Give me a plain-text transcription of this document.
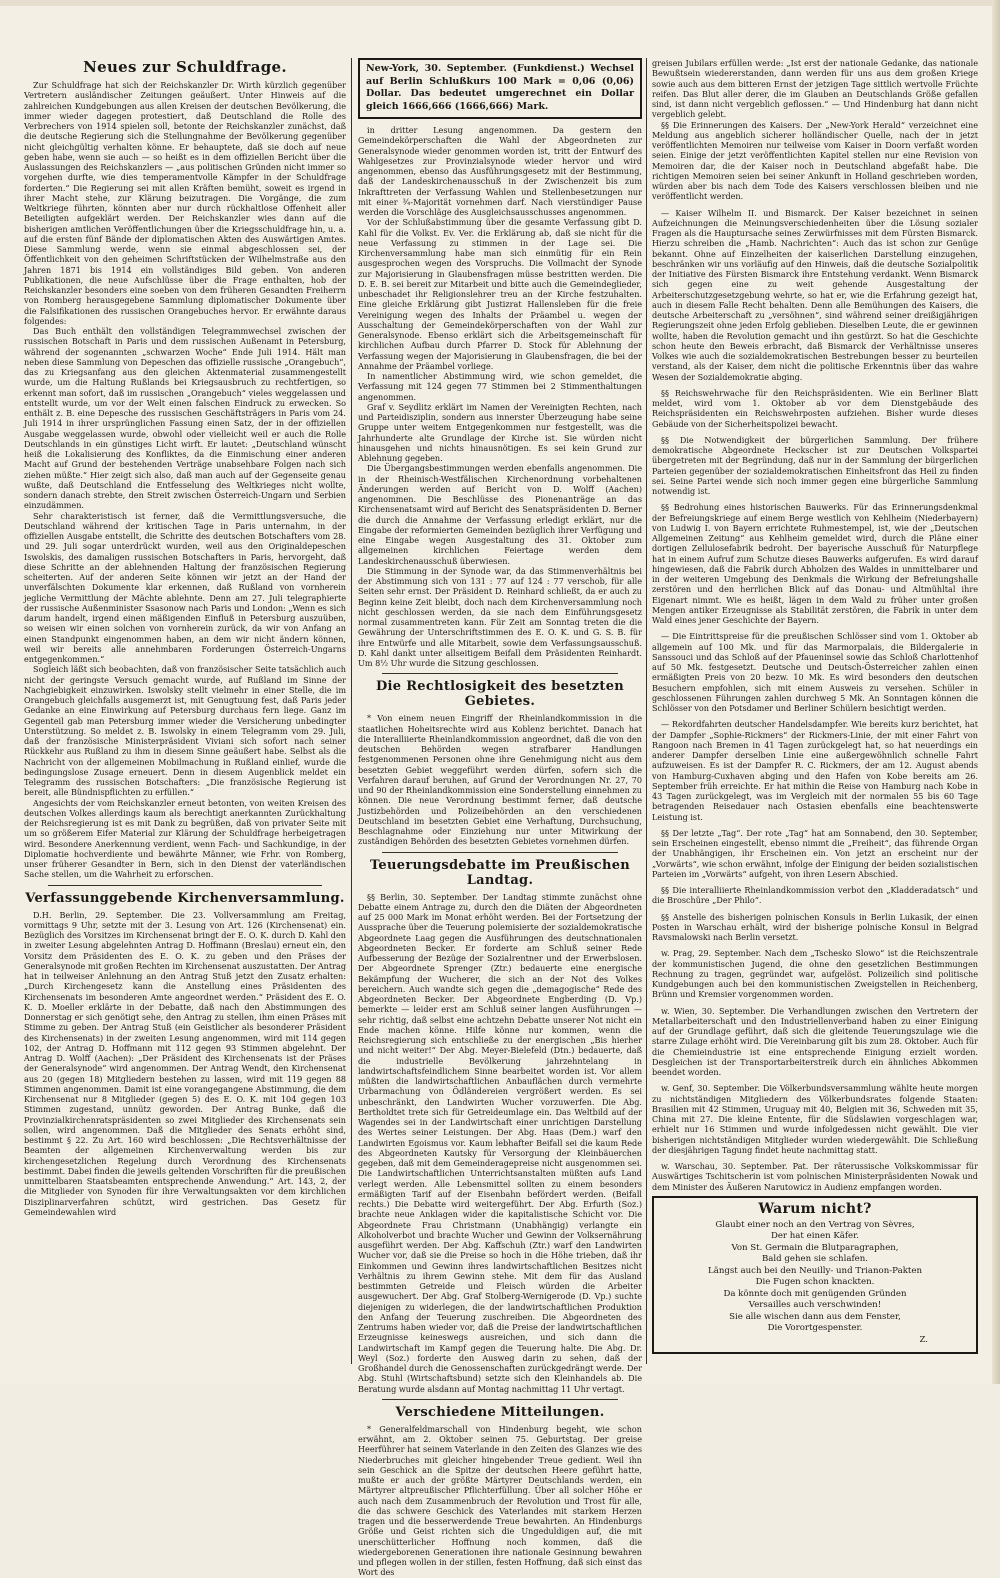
Neues zur Schuldfrage.

Zur Schuldfrage hat sich der Reichskanzler Dr. Wirth kürzlich gegenüber Vertretern ausländischer Zeitungen geäußert. Unter Hinweis auf die zahlreichen Kundgebungen aus allen Kreisen der deutschen Bevölkerung, die immer wieder dagegen protestiert, daß Deutschland die Rolle des Verbrechers von 1914 spielen soll, betonte der Reichskanzler zunächst, daß die deutsche Regierung sich die Stellungnahme der Bevölkerung gegenüber nicht gleichgültig verhalten könne. Er behauptete, daß sie doch auf neue geben habe, wenn sie auch — so heißt es in dem offiziellen Bericht über die Auslassungen des Reichskanzlers — „aus politischen Gründen nicht immer so vorgehen durfte, wie dies temperamentvolle Kämpfer in der Schuldfrage forderten.“ Die Regierung sei mit allen Kräften bemüht, soweit es irgend in ihrer Macht stehe, zur Klärung beizutragen. Die Vorgänge, die zum Weltkriege führten, könnten aber nur durch rückhaltlose Offenheit aller Beteiligten aufgeklärt werden. Der Reichskanzler wies dann auf die bisherigen amtlichen Veröffentlichungen über die Kriegsschuldfrage hin, u. a. auf die ersten fünf Bände der diplomatischen Akten des Auswärtigen Amtes. Diese Sammlung werde, wenn sie einmal abgeschlossen sei, der Öffentlichkeit von den geheimen Schriftstücken der Wilhelmstraße aus den Jahren 1871 bis 1914 ein vollständiges Bild geben. Von anderen Publikationen, die neue Aufschlüsse über die Frage enthalten, hob der Reichskanzler besonders eine soeben von dem früheren Gesandten Freiherrn von Romberg herausgegebene Sammlung diplomatischer Dokumente über die Falsifikationen des russischen Orangebuches hervor. Er erwähnte daraus folgendes:

Das Buch enthält den vollständigen Telegrammwechsel zwischen der russischen Botschaft in Paris und dem russischen Außenamt in Petersburg, während der sogenannten „schwarzen Woche“ Ende Juli 1914. Hält man neben diese Sammlung von Depeschen das offizielle russische „Orangebuch“, das zu Kriegsanfang aus den gleichen Aktenmaterial zusammengestellt wurde, um die Haltung Rußlands bei Kriegsausbruch zu rechtfertigen, so erkennt man sofort, daß im russischen „Orangebuch“ vieles weggelassen und entstellt wurde, um vor der Welt einen falschen Eindruck zu erwecken. So enthält z. B. eine Depesche des russischen Geschäftsträgers in Paris vom 24. Juli 1914 in ihrer ursprünglichen Fassung einen Satz, der in der offiziellen Ausgabe weggelassen wurde, obwohl oder vielleicht weil er auch die Rolle Deutschlands in ein günstiges Licht wirft. Er lautet: „Deutschland wünscht heiß die Lokalisierung des Konfliktes, da die Einmischung einer anderen Macht auf Grund der bestehenden Verträge unabsehbare Folgen nach sich ziehen müßte.“ Hier zeigt sich also, daß man auch auf der Gegenseite genau wußte, daß Deutschland die Entfesselung des Weltkrieges nicht wollte, sondern danach strebte, den Streit zwischen Österreich-Ungarn und Serbien einzudämmen.

Sehr charakteristisch ist ferner, daß die Vermittlungsversuche, die Deutschland während der kritischen Tage in Paris unternahm, in der offiziellen Ausgabe entstellt, die Schritte des deutschen Botschafters vom 28. und 29. Juli sogar unterdrückt wurden, weil aus den Originaldepeschen Iswolskis, des damaligen russischen Botschafters in Paris, hervorgeht, daß diese Schritte an der ablehnenden Haltung der französischen Regierung scheiterten. Auf der anderen Seite können wir jetzt an der Hand der unverfälschten Dokumente klar erkennen, daß Rußland von vornherein jegliche Vermittlung der Mächte ablehnte. Denn am 27. Juli telegraphierte der russische Außenminister Ssasonow nach Paris und London: „Wenn es sich darum handelt, irgend einen mäßigenden Einfluß in Petersburg auszuüben, so weisen wir einen solchen von vornherein zurück, da wir von Anfang an einen Standpunkt eingenommen haben, an dem wir nicht ändern können, weil wir bereits alle annehmbaren Forderungen Österreich-Ungarns entgegenkommen.“

Sogleich läßt sich beobachten, daß von französischer Seite tatsächlich auch nicht der geringste Versuch gemacht wurde, auf Rußland im Sinne der Nachgiebigkeit einzuwirken. Iswolsky stellt vielmehr in einer Stelle, die im Orangebuch gleichfalls ausgemerzt ist, mit Genugtuung fest, daß Paris jeder Gedanke an eine Einwirkung auf Petersburg durchaus fern liege. Ganz im Gegenteil gab man Petersburg immer wieder die Versicherung unbedingter Unterstützung. So meldet z. B. Iswolsky in einem Telegramm vom 29. Juli, daß der französische Ministerpräsident Viviani sich sofort nach seiner Rückkehr aus Rußland zu ihm in diesem Sinne geäußert habe. Selbst als die Nachricht von der allgemeinen Mobilmachung in Rußland einlief, wurde die bedingungslose Zusage erneuert. Denn in diesem Augenblick meldet ein Telegramm des russischen Botschafters: „Die französische Regierung ist bereit, alle Bündnispflichten zu erfüllen.“

Angesichts der vom Reichskanzler erneut betonten, von weiten Kreisen des deutschen Volkes allerdings kaum als berechtigt anerkannten Zurückhaltung der Reichsregierung ist es mit Dank zu begrüßen, daß von privater Seite mit um so größerem Eifer Material zur Klärung der Schuldfrage herbeigetragen wird. Besondere Anerkennung verdient, wenn Fach- und Sachkundige, in der Diplomatie hochverdiente und bewährte Männer, wie Frhr. von Romberg, unser früherer Gesandter in Bern, sich in den Dienst der vaterländischen Sache stellen, um die Wahrheit zu erforschen.

Verfassunggebende Kirchenversammlung.

D.H. Berlin, 29. September. Die 23. Vollversammlung am Freitag, vormittags 9 Uhr, setzte mit der 3. Lesung von Art. 126 (Kirchensenat) ein. Bezüglich des Vorsitzes im Kirchensenat bringt der E. O. K. durch D. Kahl den in zweiter Lesung abgelehnten Antrag D. Hoffmann (Breslau) erneut ein, den Vorsitz dem Präsidenten des E. O. K. zu geben und den Präses der Generalsynode mit großen Rechten im Kirchensenat auszustatten. Der Antrag hat in teilweiser Anlehnung an den Antrag Stuß jetzt den Zusatz erhalten: „Durch Kirchengesetz kann die Anstellung eines Präsidenten des Kirchensenats im besonderen Amte angeordnet werden.“ Präsident des E. O. K. D. Moeller erklärte in der Debatte, daß nach den Abstimmungen des Donnerstag er sich genötigt sehe, den Antrag zu stellen, ihm einen Präses mit Stimme zu geben. Der Antrag Stuß (ein Geistlicher als besonderer Präsident des Kirchensenats) in der zweiten Lesung angenommen, wird mit 114 gegen 102, der Antrag D. Hoffmann mit 112 gegen 93 Stimmen abgelehnt. Der Antrag D. Wolff (Aachen): „Der Präsident des Kirchensenats ist der Präses der Generalsynode“ wird angenommen. Der Antrag Wendt, den Kirchensenat aus 20 (gegen 18) Mitgliedern bestehen zu lassen, wird mit 119 gegen 88 Stimmen angenommen. Damit ist eine vorangegangene Abstimmung, die dem Kirchensenat nur 8 Mitglieder (gegen 5) des E. O. K. mit 104 gegen 103 Stimmen zugestand, unnütz geworden. Der Antrag Bunke, daß die Provinzialkirchenratspräsidenten so zwei Mitglieder des Kirchensenats sein sollen, wird angenommen. Daß die Mitglieder des Senats erhöht sind, bestimmt § 22. Zu Art. 160 wird beschlossen: „Die Rechtsverhältnisse der Beamten der allgemeinen Kirchenverwaltung werden bis zur kirchengesetzlichen Regelung durch Verordnung des Kirchensenats bestimmt. Dabei finden die jeweils geltenden Vorschriften für die preußischen unmittelbaren Staatsbeamten entsprechende Anwendung.“ Art. 143, 2, der die Mitglieder von Synoden für ihre Verwaltungsakten vor dem kirchlichen Disziplinarverfahren schützt, wird gestrichen. Das Gesetz für Gemeindewahlen wird

New-York, 30. September. (Funkdienst.) Wechsel auf Berlin Schlußkurs 100 Mark = 0,06 (0,06) Dollar. Das bedeutet umgerechnet ein Dollar gleich 1666,666 (1666,666) Mark.

in dritter Lesung angenommen. Da gestern den Gemeindekörperschaften die Wahl der Abgeordneten zur Generalsynode wieder genommen worden ist, tritt der Entwurf des Wahlgesetzes zur Provinzialsynode wieder hervor und wird angenommen, ebenso das Ausführungsgesetz mit der Bestimmung, daß der Landeskirchenausschuß in der Zwischenzeit bis zum Inkrafttreten der Verfassung Wahlen und Stellenbesetzungen nur mit einer ¾-Majorität vornehmen darf. Nach vierstündiger Pause werden die Vorschläge des Ausgleichsausschusses angenommen.

Vor der Schlußabstimmung über die gesamte Verfassung gibt D. Kahl für die Volkst. Ev. Ver. die Erklärung ab, daß sie nicht für die neue Verfassung zu stimmen in der Lage sei. Die Kirchenversammlung habe man sich einmütig für ein Rein ausgesprochen wegen des Vorspruchs. Die Vollmacht der Synode zur Majorisierung in Glaubensfragen müsse bestritten werden. Die D. E. B. sei bereit zur Mitarbeit und bitte auch die Gemeindeglieder, unbeschadet ihr Religionslehrer treu an der Kirche festzuhalten. Eine gleiche Erklärung gibt Justizrat Hallensleben für die freie Vereinigung wegen des Inhalts der Präambel u. wegen der Ausschaltung der Gemeindekörperschaften von der Wahl zur Generalsynode. Ebenso erklärt sich die Arbeitsgemeinschaft für kirchlichen Aufbau durch Pfarrer D. Stock für Ablehnung der Verfassung wegen der Majorisierung in Glaubensfragen, die bei der Annahme der Präambel vorliege.

In namentlicher Abstimmung wird, wie schon gemeldet, die Verfassung mit 124 gegen 77 Stimmen bei 2 Stimmenthaltungen angenommen.

Graf v. Seydlitz erklärt im Namen der Vereinigten Rechten, nach und Parteidisziplin, sondern aus innerster Überzeugung habe seine Gruppe unter weitem Entgegenkommen nur festgestellt, was die Jahrhunderte alte Grundlage der Kirche ist. Sie würden nicht hinausgehen und nichts hinausnötigen. Es sei kein Grund zur Ablehnung gegeben.

Die Übergangsbestimmungen werden ebenfalls angenommen. Die in der Rheinisch-Westfälischen Kirchenordnung vorbehaltenen Änderungen werden auf Bericht von D. Wolff (Aachen) angenommen. Die Beschlüsse des Pionenanträge an das Kirchensenatsamt wird auf Bericht des Senatspräsidenten D. Berner die durch die Annahme der Verfassung erledigt erklärt, nur die Eingabe der reformierten Gemeinden bezüglich ihrer Verfügung und eine Eingabe wegen Ausgestaltung des 31. Oktober zum allgemeinen kirchlichen Feiertage werden dem Landeskirchenausschuß überwiesen.

Die Stimmung in der Synode war, da das Stimmenverhältnis bei der Abstimmung sich von 131 : 77 auf 124 : 77 verschob, für alle Seiten sehr ernst. Der Präsident D. Reinhard schließt, da er auch zu Beginn keine Zeit bleibt, doch nach dem Kirchenversammlung noch nicht geschlossen werden, da sie nach dem Einführungsgesetz normal zusammentreten kann. Für Zeit am Sonntag treten die die Gewährung der Unterschriftstimmen des E. O. K. und G. S. B. für ihre Entwürfe und alle Mitarbeit, sowie dem Verfassungsausschuß. D. Kahl dankt unter allseitigem Beifall dem Präsidenten Reinhardt. Um 8½ Uhr wurde die Sitzung geschlossen.

Die Rechtlosigkeit des besetzten Gebietes.

* Von einem neuen Eingriff der Rheinlandkommission in die staatlichen Hoheitsrechte wird aus Koblenz berichtet. Danach hat die Interalliierte Rheinlandkommission angeordnet, daß die von den deutschen Behörden wegen strafbarer Handlungen festgenommenen Personen ohne ihre Genehmigung nicht aus dem besetzten Gebiet weggeführt werden dürfen, sofern sich die Verfahren darauf beruhen, auf Grund der Verordnungen Nr. 27, 70 und 90 der Rheinlandkommission eine Sonderstellung einnehmen zu können. Die neue Verordnung bestimmt ferner, daß deutsche Justizbehörden und Polizeibehörden an den verschiedenen Deutschland im besetzten Gebiet eine Verhaftung, Durchsuchung, Beschlagnahme oder Einziehung nur unter Mitwirkung der zuständigen Behörden des besetzten Gebietes vornehmen dürfen.

Teuerungsdebatte im Preußischen Landtag.

§§ Berlin, 30. September. Der Landtag stimmte zunächst ohne Debatte einem Antrage zu, durch den die Diäten der Abgeordneten auf 25 000 Mark im Monat erhöht werden. Bei der Fortsetzung der Aussprache über die Teuerung polemisierte der sozialdemokratische Abgeordnete Laag gegen die Ausführungen des deutschnationalen Abgeordneten Becker. Er forderte am Schluß seiner Rede Aufbesserung der Bezüge der Sozialrentner und der Erwerbslosen. Der Abgeordnete Sprenger (Ztr.) bedauerte eine energische Bekämpfung der Wucherer, die sich an der Not des Volkes bereichern. Auch wandte sich gegen die „demagogische“ Rede des Abgeordneten Becker. Der Abgeordnete Engberding (D. Vp.) bemerkte — leider erst am Schluß seiner langen Ausführungen — sehr richtig, daß selbst eine achtzehn Debatte unserer Not nicht ein Ende machen könne. Hilfe könne nur kommen, wenn die Reichsregierung sich entschließe zu der energischen „Bis hierher und nicht weiter!“ Der Abg. Meyer-Bielefeld (Dtn.) bedauerte, daß die industrielle Bevölkerung jahrzehntelang in landwirtschaftsfeindlichem Sinne bearbeitet worden ist. Vor allem müßten die landwirtschaftlichen Anbauflächen durch vermehrte Urbarmachung von Ödländereien vergrößert werden. Es sei unbeschränkt, den Landwirten Wucher vorzuwerfen. Die Abg. Bertholdtet trete sich für Getreideumlage ein. Das Weltbild auf der Wagendes sei in der Landwirtschaft einer unrichtigen Darstellung des Wertes seiner Leistungen. Der Abg. Haas (Dem.) warf den Landwirten Egoismus vor. Kaum lebhafter Beifall sei die kaum Rede des Abgeordneten Kautsky für Versorgung der Kleinbäuerchen gegeben, daß mit dem Gemeinderagepreise nicht ausgenommen sei. Die Landwirtschaftlichen Unterrichtsanstalten müßten aufs Land verlegt werden. Alle Lebensmittel sollten zu einem besonders ermäßigten Tarif auf der Eisenbahn befördert werden. (Beifall rechts.) Die Debatte wird weitergeführt. Der Abg. Erfurth (Soz.) brachte neue Anklagen wider die kapitalistische Schicht vor. Die Abgeordnete Frau Christmann (Unabhängig) verlangte ein Alkoholverbot und brachte Wucher und Gewinn der Volksernährung ausgeführt werden. Der Abg. Kaffschuh (Ztr.) warf den Landwirten Wucher vor, daß sie die Preise so hoch in die Höhe trieben, daß ihr Einkommen und Gewinn ihres landwirtschaftlichen Besitzes nicht Verhältnis zu ihrem Gewinn stehe. Mit dem für das Ausland bestimmten Getreide und Fleisch würden die Arbeiter ausgewuchert. Der Abg. Graf Stolberg-Wernigerode (D. Vp.) suchte diejenigen zu widerlegen, die der landwirtschaftlichen Produktion den Anfang der Teuerung zuschreiben. Die Abgeordneten des Zentrums haben wieder vor, daß die Preise der landwirtschaftlichen Erzeugnisse keineswegs ausreichen, und sich dann die Landwirtschaft im Kampf gegen die Teuerung halte. Die Abg. Dr. Weyl (Soz.) forderte den Ausweg darin zu sehen, daß der Großhandel durch die Genossenschaften zurückgedrängt werde. Der Abg. Stuhl (Wirtschaftsbund) setzte sich den Kleinhandels ab. Die Beratung wurde alsdann auf Montag nachmittag 11 Uhr vertagt.

Verschiedene Mitteilungen.

* Generalfeldmarschall von Hindenburg begeht, wie schon erwähnt, am 2. Oktober seinen 75. Geburtstag. Der greise Heerführer hat seinem Vaterlande in den Zeiten des Glanzes wie des Niederbruches mit gleicher hingebender Treue gedient. Weil ihn sein Geschick an die Spitze der deutschen Heere geführt hatte, mußte er auch der größte Märtyrer Deutschlands werden, ein Märtyrer altpreußischer Pflichterfüllung. Über all solcher Höhe er auch nach dem Zusammenbruch der Revolution und Trost für alle, die das schwere Geschick des Vaterlandes mit starkem Herzen tragen und die besserwerdende Treue bewahrten. An Hindenburgs Größe und Geist richten sich die Ungeduldigen auf, die mit unerschütterlicher Hoffnung noch kommen, daß die wiedergeborenen Generationen ihre nationale Gesinnung bewahren und pflegen wollen in der stillen, festen Hoffnung, daß sich einst das Wort des

greisen Jubilars erfüllen werde: „Ist erst der nationale Gedanke, das nationale Bewußtsein wiedererstanden, dann werden für uns aus dem großen Kriege sowie auch aus dem bitteren Ernst der jetzigen Tage sittlich wertvolle Früchte reifen. Das Blut aller derer, die im Glauben an Deutschlands Größe gefallen sind, ist dann nicht vergeblich geflossen.“ — Und Hindenburg hat dann nicht vergeblich gelebt.

§§ Die Erinnerungen des Kaisers. Der „New-York Herald“ verzeichnet eine Meldung aus angeblich sicherer holländischer Quelle, nach der in jetzt veröffentlichten Memoiren nur teilweise vom Kaiser in Doorn verfaßt worden seien. Einige der jetzt veröffentlichten Kapitel stellen nur eine Revision von Memoiren dar, die der Kaiser noch in Deutschland abgefaßt habe. Die richtigen Memoiren seien bei seiner Ankunft in Holland geschrieben worden, würden aber bis nach dem Tode des Kaisers verschlossen bleiben und nie veröffentlicht werden.

— Kaiser Wilhelm II. und Bismarck. Der Kaiser bezeichnet in seinen Aufzeichnungen die Meinungsverschiedenheiten über die Lösung sozialer Fragen als die Hauptursache seines Zerwürfnisses mit dem Fürsten Bismarck. Hierzu schreiben die „Hamb. Nachrichten“: Auch das ist schon zur Genüge bekannt. Ohne auf Einzelheiten der kaiserlichen Darstellung einzugehen, beschränken wir uns vorläufig auf den Hinweis, daß die deutsche Sozialpolitik der Initiative des Fürsten Bismarck ihre Entstehung verdankt. Wenn Bismarck sich gegen eine zu weit gehende Ausgestaltung der Arbeiterschutzgesetzgebung wehrte, so hat er, wie die Erfahrung gezeigt hat, auch in diesem Falle Recht behalten. Denn alle Bemühungen des Kaisers, die deutsche Arbeiterschaft zu „versöhnen“, sind während seiner dreißigjährigen Regierungszeit ohne jeden Erfolg geblieben. Dieselben Leute, die er gewinnen wollte, haben die Revolution gemacht und ihn gestürzt. So hat die Geschichte schon heute den Beweis erbracht, daß Bismarck der Verhältnisse unseres Volkes wie auch die sozialdemokratischen Bestrebungen besser zu beurteilen verstand, als der Kaiser, dem nicht die politische Erkenntnis über das wahre Wesen der Sozialdemokratie abging.

§§ Reichswehrwache für den Reichspräsidenten. Wie ein Berliner Blatt meldet, wird vom 1. Oktober ab vor dem Dienstgebäude des Reichspräsidenten ein Reichswehrposten aufziehen. Bisher wurde dieses Gebäude von der Sicherheitspolizei bewacht.

§§ Die Notwendigkeit der bürgerlichen Sammlung. Der frühere demokratische Abgeordnete Heckscher ist zur Deutschen Volkspartei übergetreten mit der Begründung, daß nur in der Sammlung der bürgerlichen Parteien gegenüber der sozialdemokratischen Einheitsfront das Heil zu finden sei. Seine Partei wende sich noch immer gegen eine bürgerliche Sammlung notwendig ist.

§§ Bedrohung eines historischen Bauwerks. Für das Erinnerungsdenkmal der Befreiungskriege auf einem Berge westlich von Kehlheim (Niederbayern) von Ludwig I. von Bayern errichtete Ruhmestempel, ist, wie der „Deutschen Allgemeinen Zeitung“ aus Kehlheim gemeldet wird, durch die Pläne einer dortigen Zellulosefabrik bedroht. Der bayerische Ausschuß für Naturpflege hat in einem Aufruf zum Schutze dieses Bauwerks aufgerufen. Es wird darauf hingewiesen, daß die Fabrik durch Abholzen des Waldes in unmittelbarer und in der weiteren Umgebung des Denkmals die Wirkung der Befreiungshalle zerstören und den herrlichen Blick auf das Donau- und Altmühltal ihre Eigenart nimmt. Wie es heißt, lägen in dem Wald zu früher unter großen Mengen antiker Erzeugnisse als Stabilität zerstören, die Fabrik in unter dem Wald eines jener Geschichte der Bayern.

— Die Eintrittspreise für die preußischen Schlösser sind vom 1. Oktober ab allgemein auf 100 Mk. und für das Marmorpalais, die Bildergalerie in Sanssouci und das Schloß auf der Pfaueninsel sowie das Schloß Charlottenhof auf 50 Mk. festgesetzt. Deutsche und Deutsch-Österreicher zahlen einen ermäßigten Preis von 20 bezw. 10 Mk. Es wird besonders den deutschen Besuchern empfohlen, sich mit einem Ausweis zu versehen. Schüler in geschlossenen Führungen zahlen durchweg 5 Mk. An Sonntagen können die Schlösser von den Potsdamer und Berliner Schülern besichtigt werden.

— Rekordfahrten deutscher Handelsdampfer. Wie bereits kurz berichtet, hat der Dampfer „Sophie-Rickmers“ der Rickmers-Linie, der mit einer Fahrt von Rangoon nach Bremen in 41 Tagen zurückgelegt hat, so hat neuerdings ein anderer Dampfer derselben Linie eine außergewöhnlich schnelle Fahrt aufzuweisen. Es ist der Dampfer R. C. Rickmers, der am 12. August abends von Hamburg-Cuxhaven abging und den Hafen von Kobe bereits am 26. September früh erreichte. Er hat mithin die Reise von Hamburg nach Kobe in 43 Tagen zurückgelegt, was im Vergleich mit der normalen 55 bis 60 Tage betragenden Reisedauer nach Ostasien ebenfalls eine beachtenswerte Leistung ist.

§§ Der letzte „Tag“. Der rote „Tag“ hat am Sonnabend, den 30. September, sein Erscheinen eingestellt, ebenso nimmt die „Freiheit“, das führende Organ der Unabhängigen, ihr Erscheinen ein. Von jetzt an erscheint nur der „Vorwärts“, wie schon erwähnt, infolge der Einigung der beiden sozialistischen Parteien im „Vorwärts“ aufgeht, von ihren Lesern Abschied.

§§ Die interalliierte Rheinlandkommission verbot den „Kladderadatsch“ und die Broschüre „Der Philo“.

§§ Anstelle des bisherigen polnischen Konsuls in Berlin Lukasik, der einen Posten in Warschau erhält, wird der bisherige polnische Konsul in Belgrad Ravsmalowski nach Berlin versetzt.

w. Prag, 29. September. Nach dem „Tschesko Slowo“ ist die Reichszentrale der kommunistischen Jugend, die ohne den gesetzlichen Bestimmungen Rechnung zu tragen, gegründet war, aufgelöst. Polizeilich sind politische Kundgebungen auch bei den kommunistischen Zweigstellen in Reichenberg, Brünn und Kremsier vorgenommen worden.

w. Wien, 30. September. Die Verhandlungen zwischen den Vertretern der Metallarbeiterschaft und den Industriellenverband haben zu einer Einigung auf der Grundlage geführt, daß sich die gleitende Teuerungszulage wie die starre Zulage erhöht wird. Die Vereinbarung gilt bis zum 28. Oktober. Auch für die Chemieindustrie ist eine entsprechende Einigung erzielt worden. Desgleichen ist der Transportarbeiterstreik durch ein ähnliches Abkommen beendet worden.

w. Genf, 30. September. Die Völkerbundsversammlung wählte heute morgen zu nichtständigen Mitgliedern des Völkerbundsrates folgende Staaten: Brasilien mit 42 Stimmen, Uruguay mit 40, Belgien mit 36, Schweden mit 35, China mit 27. Die kleine Entente, für die Südslawien vorgeschlagen war, erhielt nur 16 Stimmen und wurde infolgedessen nicht gewählt. Die vier bisherigen nichtständigen Mitglieder wurden wiedergewählt. Die Schließung der diesjährigen Tagung findet heute nachmittag statt.

w. Warschau, 30. September. Pat. Der räterussische Volkskommissar für Auswärtiges Tschitscherin ist vom polnischen Ministerpräsidenten Nowak und dem Minister des Äußeren Narutowicz in Audienz empfangen worden.

Warum nicht?
Glaubt einer noch an den Vertrag von Sèvres,
Der hat einen Käfer.
Von St. Germain die Blutparagraphen,
Bald gehen sie schlafen.
Längst auch bei den Neuilly- und Trianon-Pakten
Die Fugen schon knackten.
Da könnte doch mit genügenden Gründen
Versailles auch verschwinden!
Sie alle wischen dann aus dem Fenster,
Die Vorortgespenster.
Z.
